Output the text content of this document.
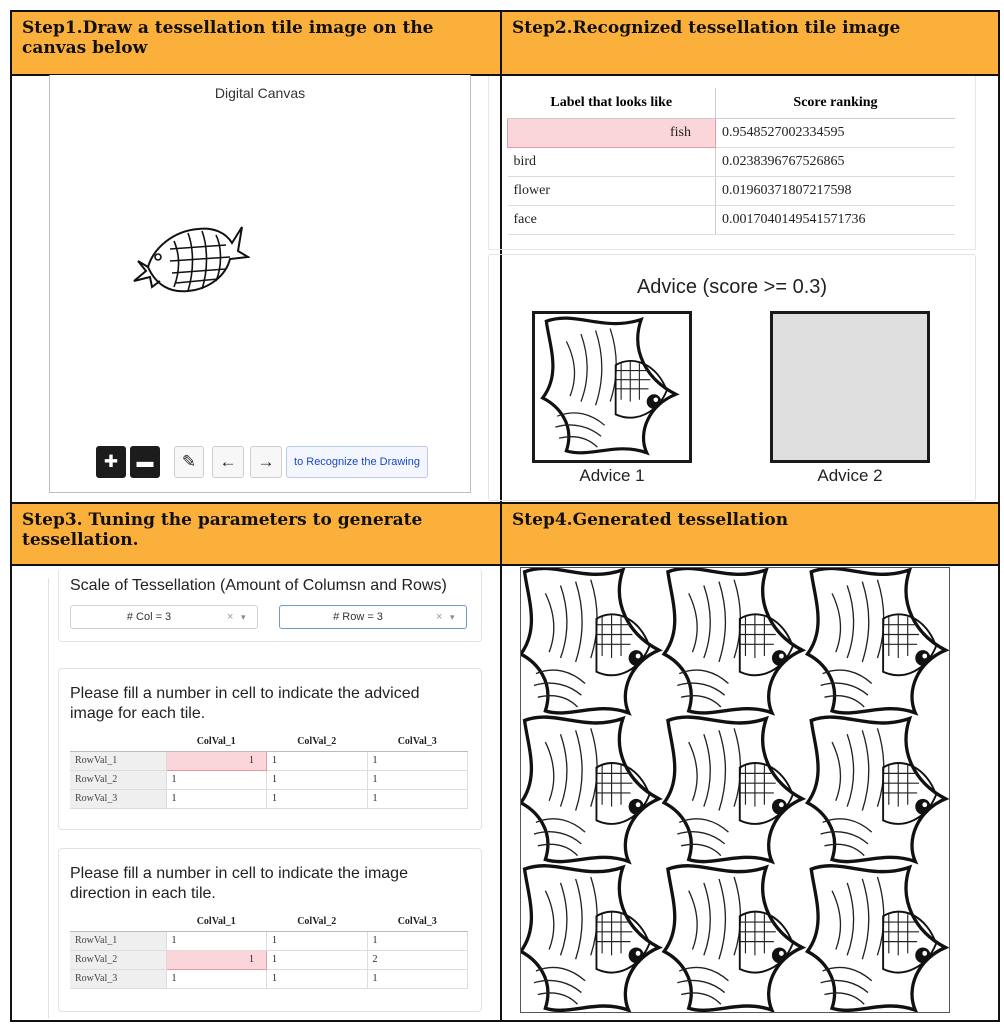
Step1.Draw a tessellation tile image on the canvas below
Step2.Recognized tessellation tile image
Step3. Tuning the parameters to generate tessellation.
Step4.Generated tessellation
Digital Canvas
✚ ▬ ✎ ← →	to Recognize the Drawing
Label that looks like	Score ranking
fish	0.9548527002334595
bird	0.0238396767526865
flower	0.01960371807217598
face	0.0017040149541571736
Advice (score >= 0.3)
Advice 1	Advice 2
Scale of Tessellation (Amount of Columsn and Rows)
# Col = 3	× ▾	# Row = 3	× ▾
Please fill a number in cell to indicate the adviced image for each tile.
	ColVal_1	ColVal_2	ColVal_3
RowVal_1	1	1	1
RowVal_2	1	1	1
RowVal_3	1	1	1
Please fill a number in cell to indicate the image direction in each tile.
	ColVal_1	ColVal_2	ColVal_3
RowVal_1	1	1	1
RowVal_2	1	1	2
RowVal_3	1	1	1
